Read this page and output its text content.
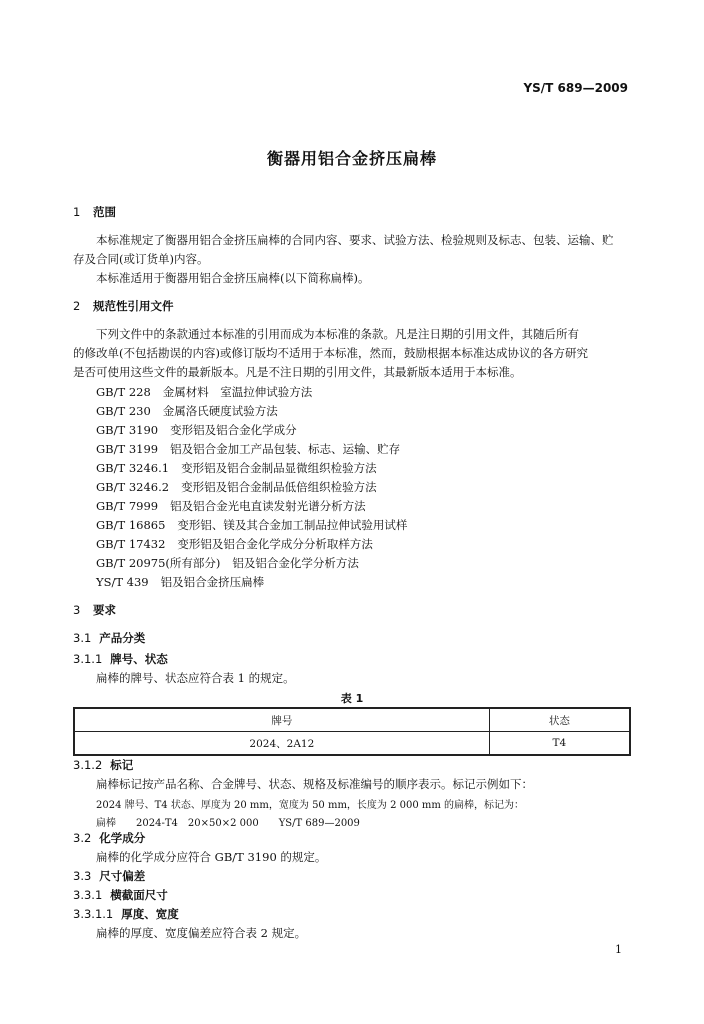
YS/T 689—2009
衡器用铝合金挤压扁棒
1 范围
本标准规定了衡器用铝合金挤压扁棒的合同内容、要求、试验方法、检验规则及标志、包装、运输、贮
存及合同(或订货单)内容。
本标准适用于衡器用铝合金挤压扁棒(以下简称扁棒)。
2 规范性引用文件
下列文件中的条款通过本标准的引用而成为本标准的条款。凡是注日期的引用文件，其随后所有
的修改单(不包括勘误的内容)或修订版均不适用于本标准，然而，鼓励根据本标准达成协议的各方研究
是否可使用这些文件的最新版本。凡是不注日期的引用文件，其最新版本适用于本标准。
GB/T 228 金属材料　室温拉伸试验方法
GB/T 230 金属洛氏硬度试验方法
GB/T 3190 变形铝及铝合金化学成分
GB/T 3199 铝及铝合金加工产品包装、标志、运输、贮存
GB/T 3246.1 变形铝及铝合金制品显微组织检验方法
GB/T 3246.2 变形铝及铝合金制品低倍组织检验方法
GB/T 7999 铝及铝合金光电直读发射光谱分析方法
GB/T 16865 变形铝、镁及其合金加工制品拉伸试验用试样
GB/T 17432 变形铝及铝合金化学成分分析取样方法
GB/T 20975(所有部分) 铝及铝合金化学分析方法
YS/T 439 铝及铝合金挤压扁棒
3 要求
3.1 产品分类
3.1.1 牌号、状态
扁棒的牌号、状态应符合表 1 的规定。
表 1
牌号	状态
2024、2A12	T4
3.1.2 标记
扁棒标记按产品名称、合金牌号、状态、规格及标准编号的顺序表示。标记示例如下：
2024 牌号、T4 状态、厚度为 20 mm，宽度为 50 mm，长度为 2 000 mm 的扁棒，标记为：
扁棒　　2024-T4　20×50×2 000　　YS/T 689—2009
3.2 化学成分
扁棒的化学成分应符合 GB/T 3190 的规定。
3.3 尺寸偏差
3.3.1 横截面尺寸
3.3.1.1 厚度、宽度
扁棒的厚度、宽度偏差应符合表 2 规定。
1
